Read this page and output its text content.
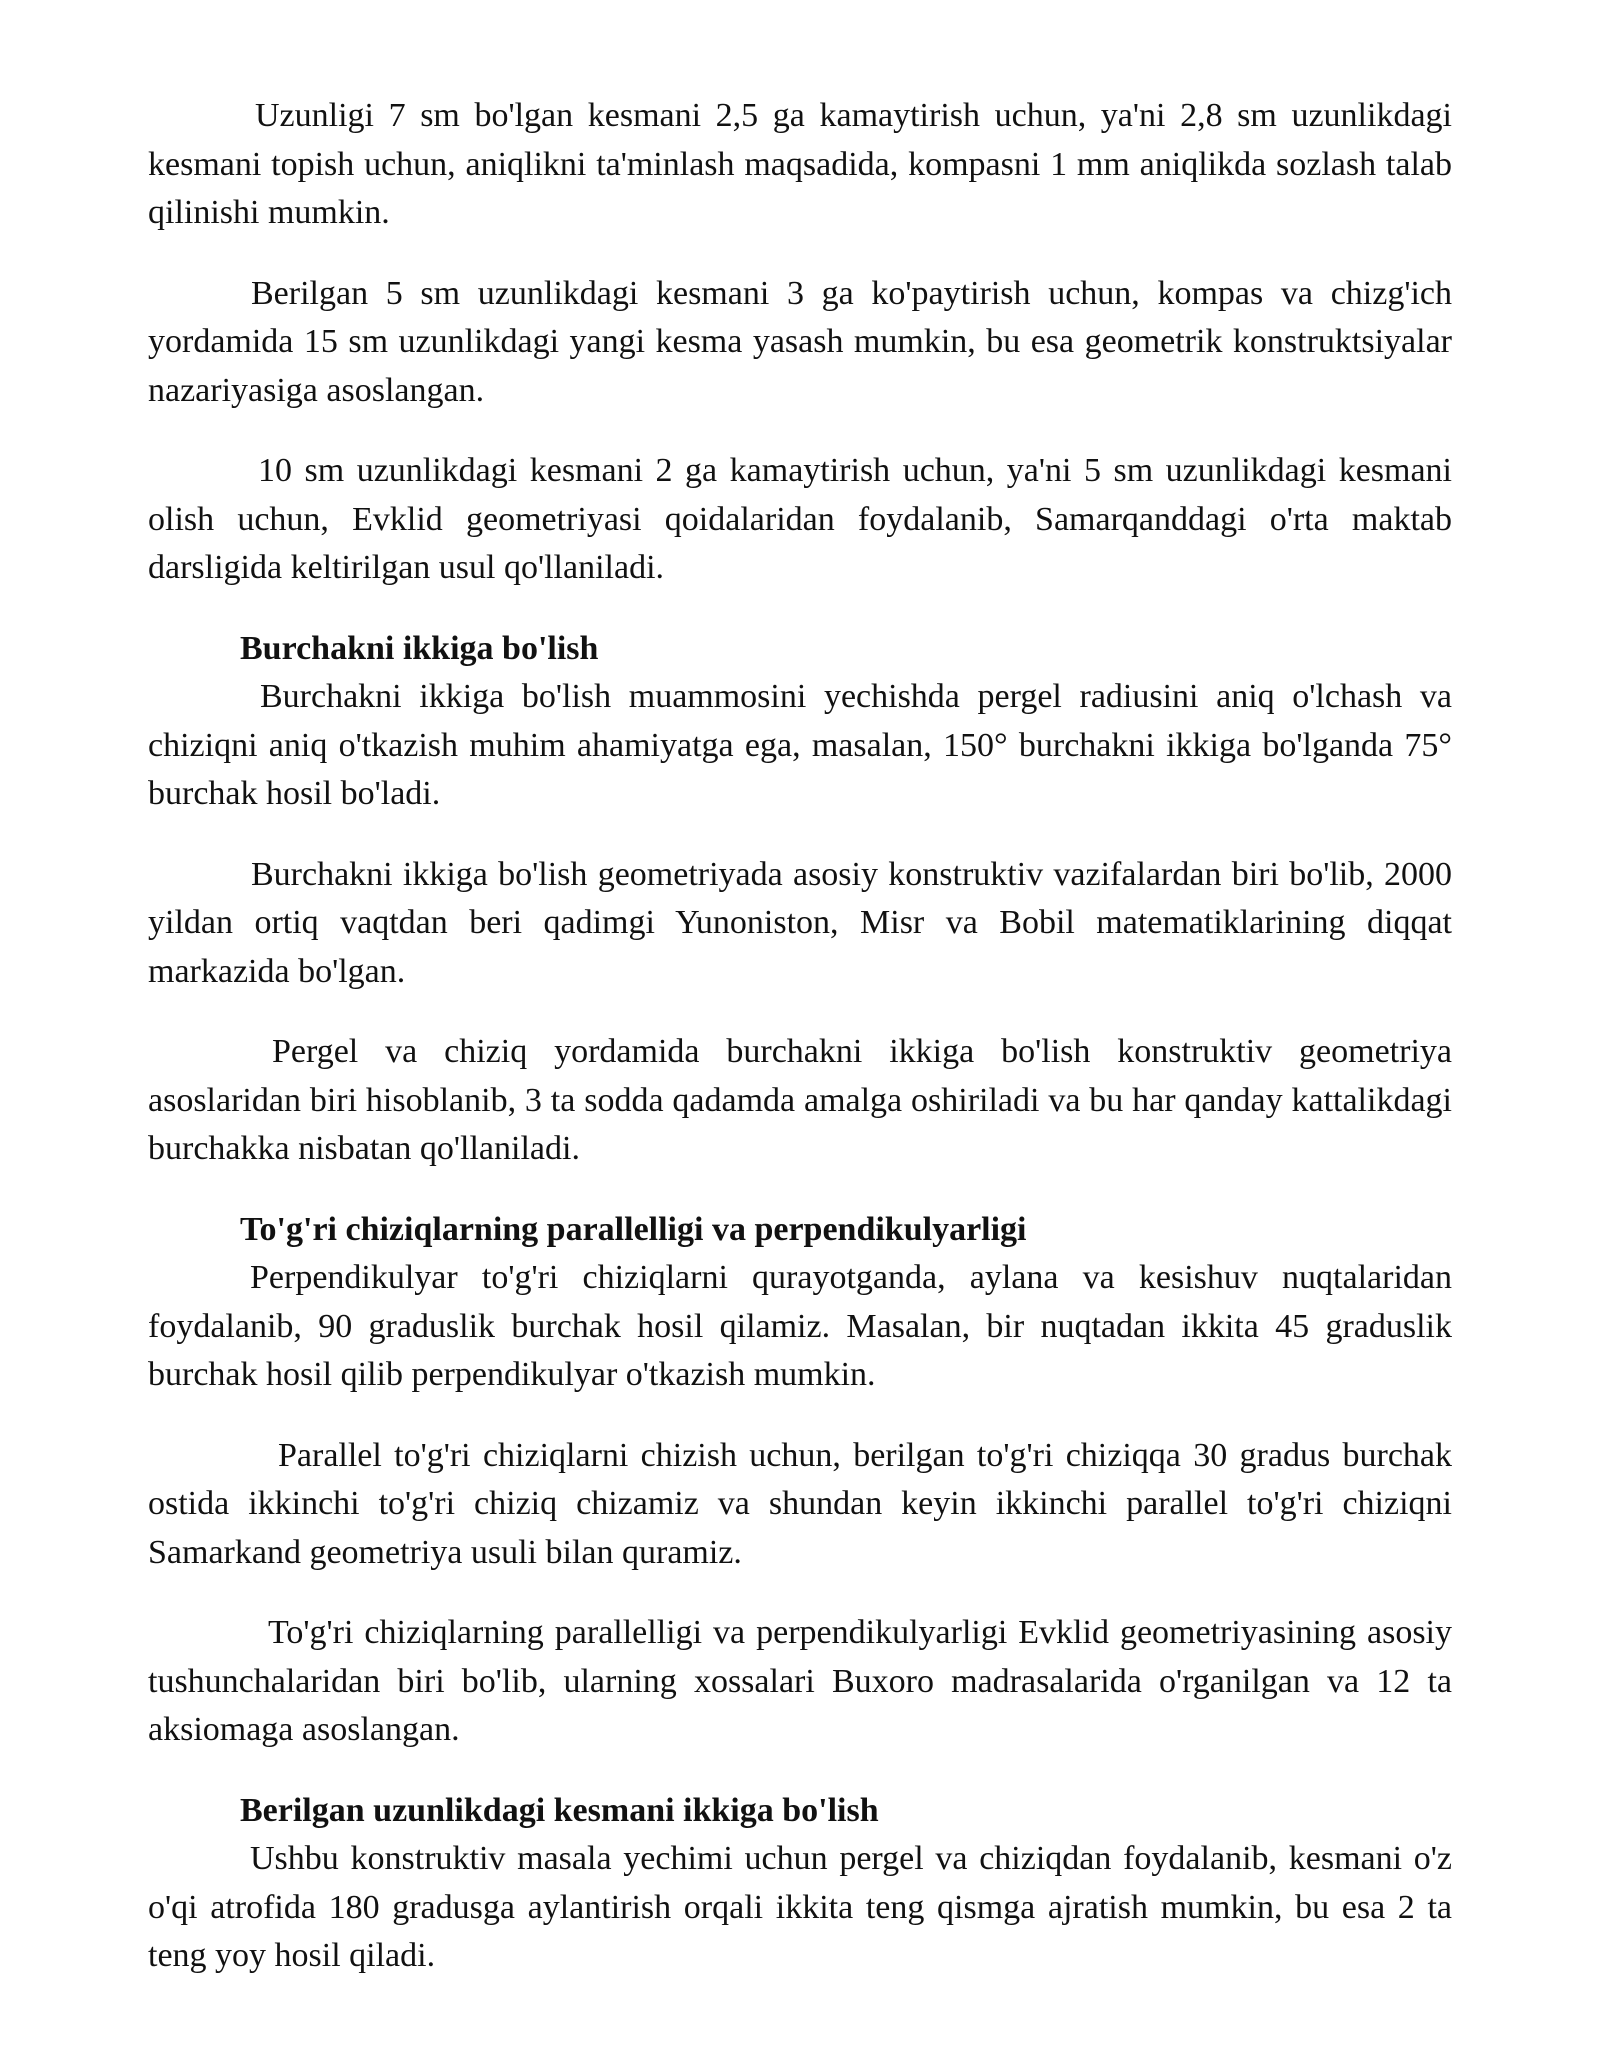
Uzunligi 7 sm bo'lgan kesmani 2,5 ga kamaytirish uchun, ya'ni 2,8 sm uzunlikdagi kesmani topish uchun, aniqlikni ta'minlash maqsadida, kompasni 1 mm aniqlikda sozlash talab qilinishi mumkin.

Berilgan 5 sm uzunlikdagi kesmani 3 ga ko'paytirish uchun, kompas va chizg'ich yordamida 15 sm uzunlikdagi yangi kesma yasash mumkin, bu esa geometrik konstruktsiyalar nazariyasiga asoslangan.

10 sm uzunlikdagi kesmani 2 ga kamaytirish uchun, ya'ni 5 sm uzunlikdagi kesmani olish uchun, Evklid geometriyasi qoidalaridan foydalanib, Samarqanddagi o'rta maktab darsligida keltirilgan usul qo'llaniladi.

Burchakni ikkiga bo'lish

Burchakni ikkiga bo'lish muammosini yechishda pergel radiusini aniq o'lchash va chiziqni aniq o'tkazish muhim ahamiyatga ega, masalan, 150° burchakni ikkiga bo'lganda 75° burchak hosil bo'ladi.

Burchakni ikkiga bo'lish geometriyada asosiy konstruktiv vazifalardan biri bo'lib, 2000 yildan ortiq vaqtdan beri qadimgi Yunoniston, Misr va Bobil matematiklarining diqqat markazida bo'lgan.

Pergel va chiziq yordamida burchakni ikkiga bo'lish konstruktiv geometriya asoslaridan biri hisoblanib, 3 ta sodda qadamda amalga oshiriladi va bu har qanday kattalikdagi burchakka nisbatan qo'llaniladi.

To'g'ri chiziqlarning parallelligi va perpendikulyarligi

Perpendikulyar to'g'ri chiziqlarni qurayotganda, aylana va kesishuv nuqtalaridan foydalanib, 90 graduslik burchak hosil qilamiz. Masalan, bir nuqtadan ikkita 45 graduslik burchak hosil qilib perpendikulyar o'tkazish mumkin.

Parallel to'g'ri chiziqlarni chizish uchun, berilgan to'g'ri chiziqqa 30 gradus burchak ostida ikkinchi to'g'ri chiziq chizamiz va shundan keyin ikkinchi parallel to'g'ri chiziqni Samarkand geometriya usuli bilan quramiz.

To'g'ri chiziqlarning parallelligi va perpendikulyarligi Evklid geometriyasining asosiy tushunchalaridan biri bo'lib, ularning xossalari Buxoro madrasalarida o'rganilgan va 12 ta aksiomaga asoslangan.

Berilgan uzunlikdagi kesmani ikkiga bo'lish

Ushbu konstruktiv masala yechimi uchun pergel va chiziqdan foydalanib, kesmani o'z o'qi atrofida 180 gradusga aylantirish orqali ikkita teng qismga ajratish mumkin, bu esa 2 ta teng yoy hosil qiladi.
